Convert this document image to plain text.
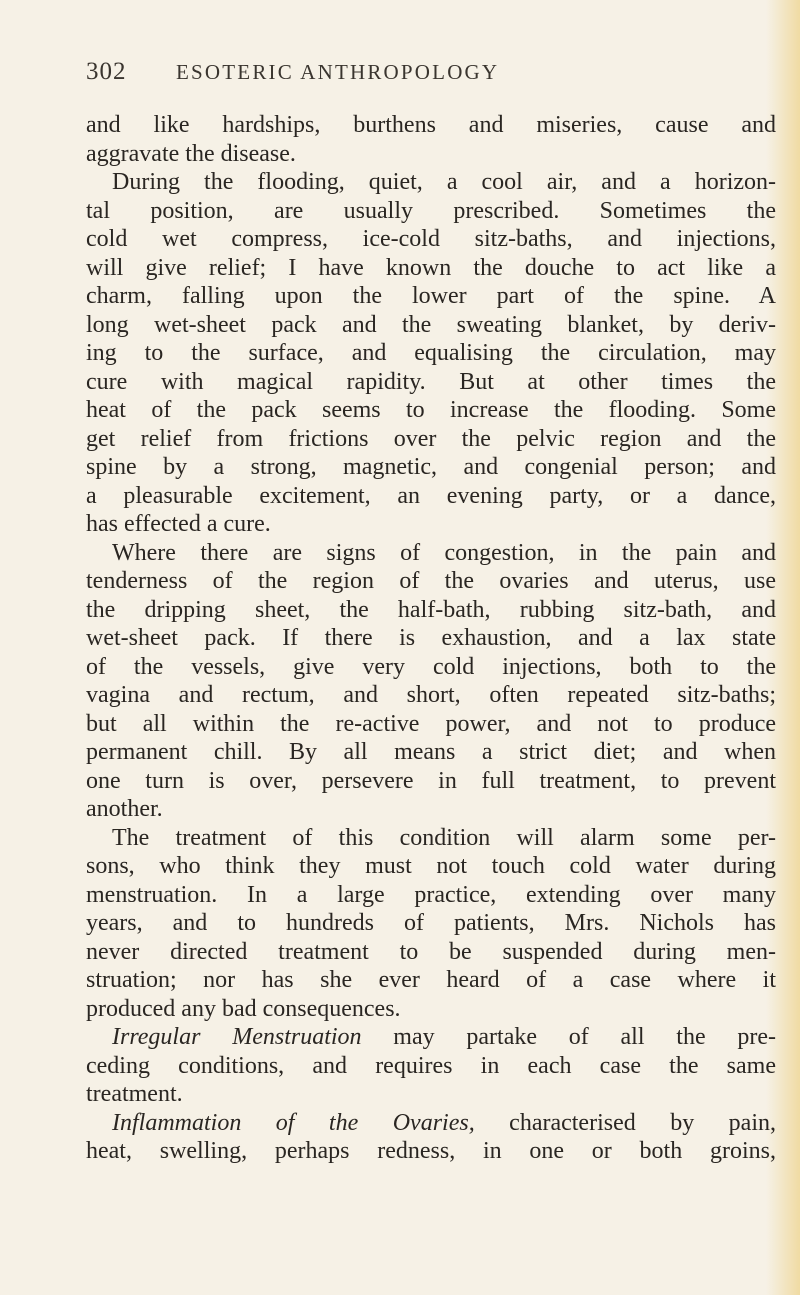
302 ESOTERIC ANTHROPOLOGY
and like hardships, burthens and miseries, cause and
aggravate the disease.
During the flooding, quiet, a cool air, and a horizon-
tal position, are usually prescribed. Sometimes the
cold wet compress, ice-cold sitz-baths, and injections,
will give relief; I have known the douche to act like a
charm, falling upon the lower part of the spine. A
long wet-sheet pack and the sweating blanket, by deriv-
ing to the surface, and equalising the circulation, may
cure with magical rapidity. But at other times the
heat of the pack seems to increase the flooding. Some
get relief from frictions over the pelvic region and the
spine by a strong, magnetic, and congenial person; and
a pleasurable excitement, an evening party, or a dance,
has effected a cure.
Where there are signs of congestion, in the pain and
tenderness of the region of the ovaries and uterus, use
the dripping sheet, the half-bath, rubbing sitz-bath, and
wet-sheet pack. If there is exhaustion, and a lax state
of the vessels, give very cold injections, both to the
vagina and rectum, and short, often repeated sitz-baths;
but all within the re-active power, and not to produce
permanent chill. By all means a strict diet; and when
one turn is over, persevere in full treatment, to prevent
another.
The treatment of this condition will alarm some per-
sons, who think they must not touch cold water during
menstruation. In a large practice, extending over many
years, and to hundreds of patients, Mrs. Nichols has
never directed treatment to be suspended during men-
struation; nor has she ever heard of a case where it
produced any bad consequences.
Irregular Menstruation may partake of all the pre-
ceding conditions, and requires in each case the same
treatment.
Inflammation of the Ovaries, characterised by pain,
heat, swelling, perhaps redness, in one or both groins,
